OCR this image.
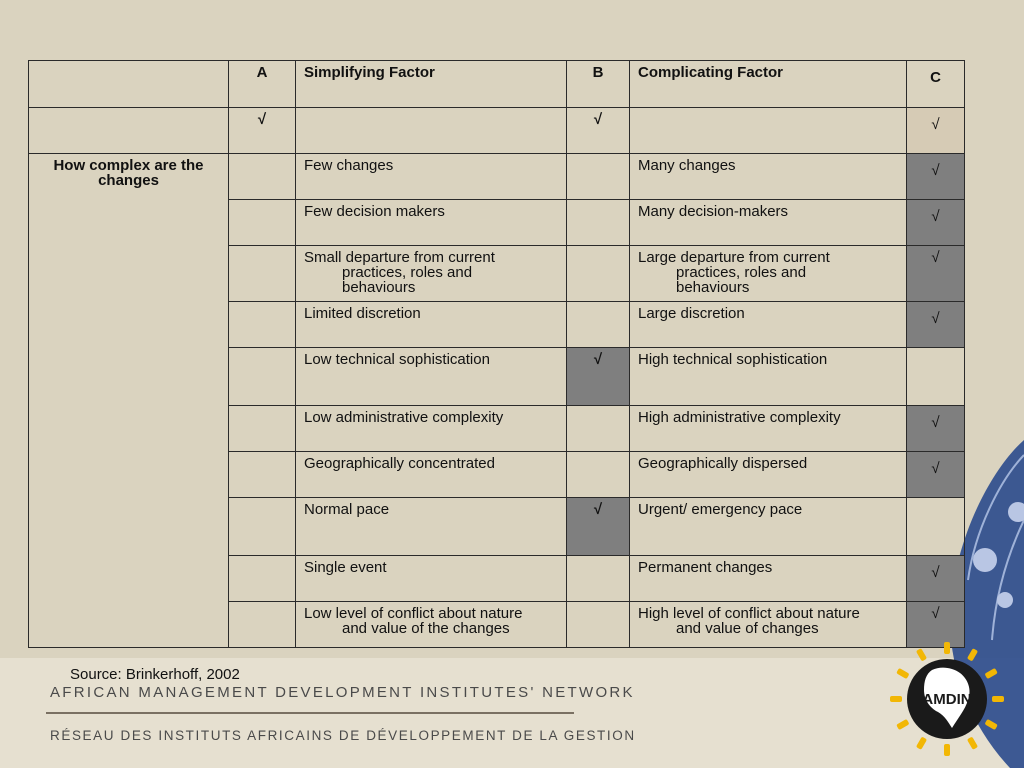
	A	Simplifying Factor	B	Complicating Factor	C
	√		√		√
How complex are the changes		Few changes		Many changes	√
		Few decision makers		Many decision-makers	√

		Small departure from current
practices, roles and
behaviours		Large departure from current
practices, roles and
behaviours	√
		Limited discretion		Large discretion	√
		Low technical sophistication	√	High technical sophistication	
		Low administrative complexity		High administrative complexity	√
		Geographically concentrated		Geographically dispersed	√
		Normal pace	√	Urgent/ emergency pace	
		Single event		Permanent changes	√

		Low level of conflict about nature
and value of the changes		High level of conflict about nature
and value of changes	√
Source: Brinkerhoff, 2002
AFRICAN MANAGEMENT DEVELOPMENT INSTITUTES' NETWORK
RÉSEAU DES INSTITUTS AFRICAINS DE DÉVELOPPEMENT DE LA GESTION
AMDIN
